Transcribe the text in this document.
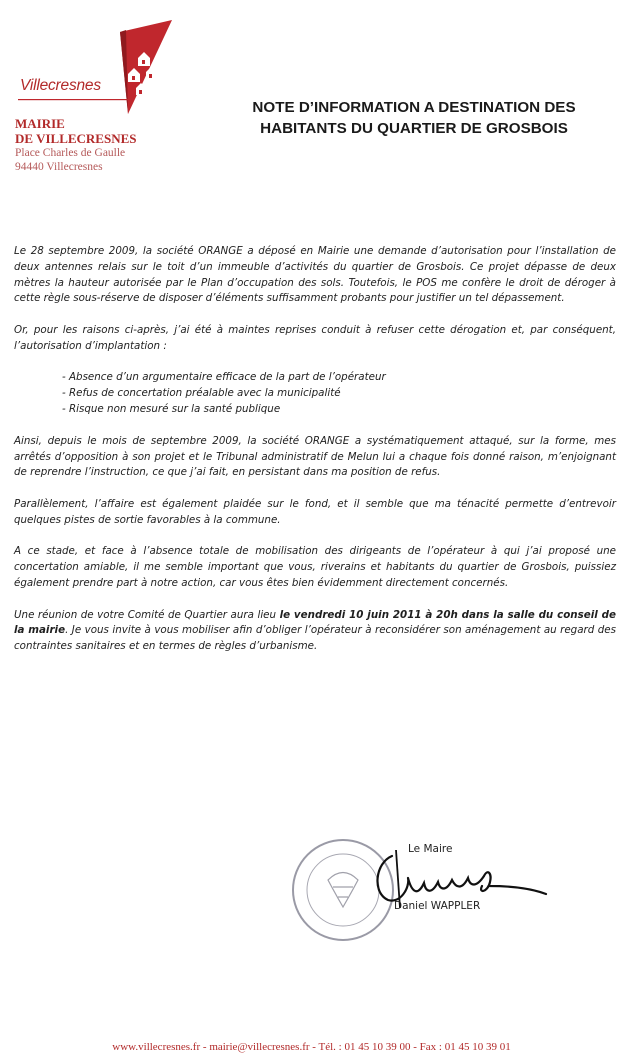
Villecresnes
MAIRIE
DE VILLECRESNES
Place Charles de Gaulle
94440 Villecresnes
NOTE D’INFORMATION A DESTINATION DES
HABITANTS DU QUARTIER DE GROSBOIS

Le 28 septembre 2009, la société ORANGE a déposé en Mairie une demande d’autorisation pour l’installation de deux antennes relais sur le toit d’un immeuble d’activités du quartier de Grosbois. Ce projet dépasse de deux mètres la hauteur autorisée par le Plan d’occupation des sols. Toutefois, le POS me confère le droit de déroger à cette règle sous-réserve de disposer d’éléments suffisamment probants pour justifier un tel dépassement.

Or, pour les raisons ci-après, j’ai été à maintes reprises conduit à refuser cette dérogation et, par conséquent, l’autorisation d’implantation :

- Absence d’un argumentaire efficace de la part de l’opérateur
- Refus de concertation préalable avec la municipalité
- Risque non mesuré sur la santé publique

Ainsi, depuis le mois de septembre 2009, la société ORANGE a systématiquement attaqué, sur la forme, mes arrêtés d’opposition à son projet et le Tribunal administratif de Melun lui a chaque fois donné raison, m’enjoignant de reprendre l’instruction, ce que j’ai fait, en persistant dans ma position de refus.

Parallèlement, l’affaire est également plaidée sur le fond, et il semble que ma ténacité permette d’entrevoir quelques pistes de sortie favorables à la commune.

A ce stade, et face à l’absence totale de mobilisation des dirigeants de l’opérateur à qui j’ai proposé une concertation amiable, il me semble important que vous, riverains et habitants du quartier de Grosbois, puissiez également prendre part à notre action, car vous êtes bien évidemment directement concernés.

Une réunion de votre Comité de Quartier aura lieu le vendredi 10 juin 2011 à 20h dans la salle du conseil de la mairie. Je vous invite à vous mobiliser afin d’obliger l’opérateur à reconsidérer son aménagement au regard des contraintes sanitaires et en termes de règles d’urbanisme.

Le Maire
Daniel WAPPLER
www.villecresnes.fr - mairie@villecresnes.fr - Tél. : 01 45 10 39 00 - Fax : 01 45 10 39 01
